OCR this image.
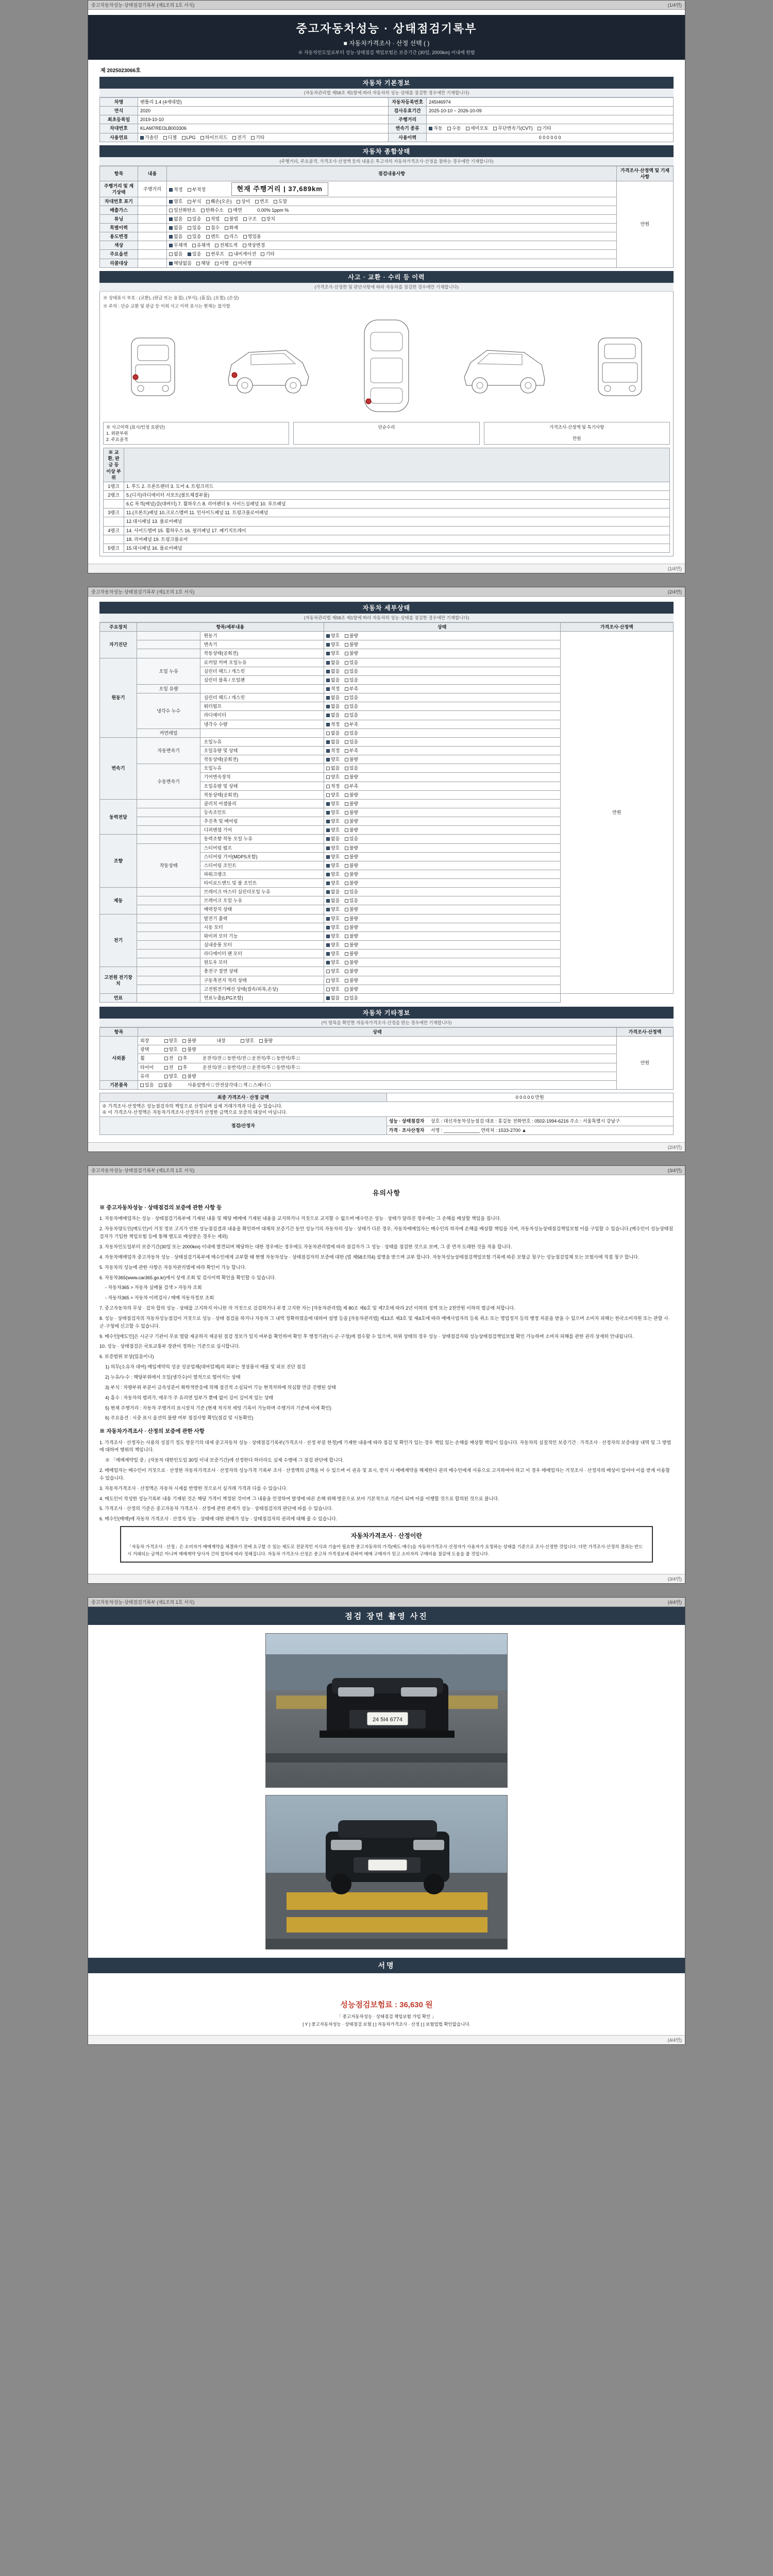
중고자동차성능·상태점검기록부 (제1조의 1호 서식)	(1/4면)
중고자동차성능 · 상태점검기록부
■ 자동차가격조사 · 산정 선택 ( )
※ 자동차인도일로부터 성능·상태점검 책임보험은 보증기간 (30일, 2000km) 이내에 한함
제 2025023066호
자동차 기본정보
(자동차관리법 제58조 제1항에 따라 자동차의 성능·상태를 점검한 경우에만 기재합니다)
차명	벤틀리 1.4 (4세대말)	자동차등록번호	245I46974
연식	2020	검사유효기간	2025-10-10 ~ 2026-10-09
최초등록일	2019-10-10	주행거리	
차대번호	KLAM7REOLB003306	변속기 종류	자동 수동 세미오토 무단변속기(CVT) 기타
사용연료	가솔린 디젤 LPG 하이브리드 전기 기타	사용이력	0 0 0 0 0 0
자동차 종합상태
(주행거리, 주요골격, 가격조사·산정액 등의 내용은 투고자의 자동차가격조사·산정을 참하는 경우에만 기재합니다)
항목	내용	점검내용사항	가격조사·산정액 및 기재사항
주행거리 및 계기상태	주행거리	적정 부적정 현재 주행거리 | 37,689km	만원
차대번호 표기		양호 부식 훼손(오손) 상이 변조 도말	
배출가스		일산화탄소 탄화수소 매연 0.00% 1ppm %	
튜닝		없음 있음 적법 불법 구조 장치	
특별이력		없음 있음 침수 화재	
용도변경		없음 있음 렌트 리스 영업용	
색상		무채색 유채색 전체도색 색상변경	
주요옵션		없음 있음 썬루프 내비게이션 기타	
리콜대상		해당없음 해당 이행 미이행	
사고 · 교환 · 수리 등 이력
(가격조사·산정한 및 판단사항에 따라 자동차를 점검한 경우에만 기재합니다)
※ 상태표시 부호 : (교환), (판금 또는 용접), (부식), (흠집), (요철), (손상)
※ 주의 : 단순 교환 및 판금 등 이외 사고 이력 표시는 현재는 불가함
※ 사고이력 (표시/인정 요판단)
1. 외판부위
2. 주요골격
단순수리	가격조사·산정액 및 특기사항
만원
※ 교환, 판금 등 이상 부위	
1랭크	1. 후드 2. 프론트펜더 3. 도어 4. 트렁크리드
2랭크	5.(디지)라디에이터 서포트(볼트체결부품)
	6.C 목격(배널)강(대버터) 7. 휠하우스 8. 리어펜더 9. 사이드실패널 10. 루프패널
3랭크	11.(프론트)패널 10.크로스멤버 11. 인사이드패널 11. 트렁크플로어패널
	12.대시패널 13. 플로어패널
4랭크	14. 사이드멤버 15. 휠하우스 16. 필러패널 17. 패키지트레이
	18. 리어패널 19. 트렁크플로어
5랭크	15.대시패널 16. 플로어패널
(1/4면)
중고자동차성능·상태점검기록부 (제1조의 1호 서식)	(2/4면)
자동차 세부상태
(자동차관리법 제58조 제1항에 따라 자동차의 성능·상태를 점검한 경우에만 기재합니다)
주요장치	항목/세부내용		상태	가격조사·산정액
자기진단		원동기	양호 불량	만원
		변속기	양호 불량	
		작동상태(공회전)	양호 불량	
원동기	오일 누유	로커암 커버 오일누유	없음 있음	
		실린더 헤드 / 개스킷	없음 있음	
		실린더 블록 / 오일팬	없음 있음	
	오일 유량		적정 부족	
	냉각수 누수	실린더 헤드 / 개스킷	없음 있음	
		워터펌프	없음 있음	
		라디에이터	없음 있음	
		냉각수 수량	적정 부족	
	커먼레일		없음 있음	
변속기	자동변속기	오일누유	없음 있음	
		오일유량 및 상태	적정 부족	
		작동상태(공회전)	양호 불량	
	수동변속기	오일누유	없음 있음	
		기어변속장치	양호 불량	
		오일유량 및 상태	적정 부족	
		작동상태(공회전)	양호 불량	
동력전달		클러치 어셈블리	양호 불량	
		등속조인트	양호 불량	
		추진축 및 베어링	양호 불량	
		디퍼렌셜 기어	양호 불량	
조향		동력조향 작동 오일 누유	없음 있음	
	작동상태	스티어링 펌프	양호 불량	
		스티어링 기어(MDPS포함)	양호 불량	
		스티어링 조인트	양호 불량	
		파워크랭크	양호 불량	
		타이로드엔드 및 볼 조인트	양호 불량	
제동		브레이크 마스터 실린더오일 누유	없음 있음	
		브레이크 오일 누유	없음 있음	
		배력장치 상태	양호 불량	
전기		발전기 출력	양호 불량	
		시동 모터	양호 불량	
		와이퍼 모터 기능	양호 불량	
		실내송풍 모터	양호 불량	
		라디에이터 팬 모터	양호 불량	
		윈도우 모터	양호 불량	
고전원 전기장치		충전구 절연 상태	양호 불량	
		구동축전지 격리 상태	양호 불량	
		고전원전기배선 상태(접속/피복,손상)	양호 불량	
연료		연료누출(LPG포함)	없음 있음	
자동차 기타정보
(이 항목을 확인한 자동차가격조사·산정을 받는 경우에만 기재합니다)
항목	상태	가격조사·산정액
사외품	외장 양호 불량 내장 양호 불량	만원
	광택 양호 불량	
	휠 전 후 운전석/전 □ 동반석/전 □ 운전석/후 □ 동반석/후 □	
	타이어 전 후 운전석/전 □ 동반석/전 □ 운전석/후 □ 동반석/후 □	
	유리 양호 불량	
기본품목	있음 없음 사용설명서 □ 안전삼각대 □ 잭 □ 스패너 □	
최종 가격조사 · 산정 금액	0 0 0 0 0 만원

※ 가격조사·산정액은 성능점검자의 책임으로 산정되며 실제 거래가격과 다를 수 있습니다.
※ 이 가격조사·산정액은 자동차가격조사·산정자가 산정한 금액으로 보증의 대상이 아닙니다.	

점검/산정자	성능 · 상태점검자 상호 : 대신자동차성능점검 대표 : 홍길동 전화번호 : 0502-1994-6216 주소 : 서울특별시 강남구
	가격 · 조사산정자 서명 : ______________ 연락처 : 1533-2700 ▲
(2/4면)
중고자동차성능·상태점검기록부 (제1조의 1호 서식)	(3/4면)
유의사항
※ 중고자동차성능 · 상태점검의 보증에 관한 사항 등

1. 자동차매매업자는 성능 · 상태점검기록부에 기재된 내용 및 해당 매매에 기재된 내용을 교지하거나 거짓으로 교지할 수 없으며 매수인은 성능 · 상태가 달라진 경우에는 그 손해를 배상할 책임을 집니다.

2. 자동차양도인(매도인)이 거짓 정보 고지가 인한 성능점검결과 내용을 확인하여 대체의 보증기간 동안 성능기의 자동차의 성능 · 상태가 다른 경우, 자동차매매업자는 매수인의 하자에 손해를 배상할 책임을 지며, 자동차성능상태점검책임보험 이를 구입할 수 있습니다.(매수인이 성능상태점검자가 기입한 책임보험 등에 통해 별도로 배상받은 경우는 제외)

3. 자동차인도일부터 보증기간(30일 또는 2000km) 이내에 발견되며 해당하는 대한 경우에는 경우에도 자동차관리법에 따라 점검자가 그 성능 · 상태를 점검한 것으로 보며, 그 중 먼저 도래한 것을 적용 합니다.

4. 자동차매매업자 중고자동차 성능 · 상태점검기록부에 매수인에게 교부할 때 현행 자동차성능 · 상태점검자의 보증에 대한 (법 제58조의4) 설명을 받으며 교부 합니다. 자동차성능상태점검책임보험 기록에 따른 보험금 청구는 성능점검업체 또는 보험사에 직접 청구 합니다.

5. 자동차의 성능에 관한 사항은 자동차관리법에 따라 확인이 가능 합니다.

6. 자동차365(www.car365.go.kr)에서 상세 조회 및 검사이력 확인을 확인할 수 있습니다.

- 자동차365 > 자동차 실매물 검색 > 자동차 조회

- 자동차365 > 자동차 이력검사 / 매매 자동차정보 조회

7. 중고자동차의 무상 · 검차 합의 성능 · 상태를 고지하지 아니한 자 거짓으로 검검하거나 부정 고지한 자는 [자동차관리법] 제 80조 제6호 및 제7호에 따라 2년 이하의 징역 또는 2천만원 이하의 벌금에 처합니다.

8. 성능 · 상태점검자의 자동차성능점검이 거짓으로 성능 · 상태 점검을 하거나 자동차 그 내역 정확하였음에 대하여 설명 등을 [자동차관리법] 제13조 제3호 및 제4호에 따라 매매사업자의 등록 취소 또는 영업정지 등의 행정 처분을 받을 수 있으며 소비자 피해는 한국소비자원 또는 관할 시·군·구청에 신고할 수 있습니다.

9. 메수인[매도인]은 시군구 기관이 무료 열람 제공하지 제공된 점검 정보가 일치 여부를 확인하여 확인 후 행정기관(시·군·구청)에 접수할 수 있으며, 허위 상태의 경우 성능 · 상태점검자와 성능상태점검책임보험 확인 가능하며 소비자 피해를 관한 권리 상세히 안내됩니다.

10. 성능 · 상태점검은 국토교통부 장관이 정하는 기준으로 실시합니다.

6. 보증범위 보상(있음이나)

1) 의무(소유자 대여) 매입계약의 성공 성공업체(대여업체)의 외부는 정상품서 매물 및 피보 진단 점검

2) 누유/누수 : 해당부위에서 오일(냉각수)이 열적으로 떨어지는 상태

3) 부식 : 차량부위 부분이 금속성분이 화학적반응에 의해 점진적 소실되어 기능 현격저하에 의심할 만큼 진행된 상태

4) 흠수 : 자동차의 범퍼가, 에우가 주 유리면 일부가 뿐에 없이 깊이 깊어져 있는 상태

5) 현재 주행거리 : 자동차 주행거리 표시장치 기준 (현재 적지적 세팅 기록이 가능하며 주행거리 기준에 이에 확인)

6) 주요옵션 : 시중 표시 옵션의 불량 여부 점검사항 확인(점검 및 시동확인)

※ 자동차가격조사 · 산정의 보증에 관한 사항

1. 가격조사 · 산정자는 사용의 성질기 정도 방문기의 대세 중고자동차 성능 · 상태점검기록부(가격조사 · 산정 부분 한정)에 기재한 내용에 따라 점검 및 확인가 있는 경우 책임 있는 손해를 배상할 책임이 있습니다. 자동차의 실질적인 보증기간 : 가격조사 · 산정자의 보증대상 내역 및 그 방법에 대하여 행위의 책임니다.

※ 「매매계약일 중」(자동차 대한인도일 30일 이내 보증기간)에 선정한다 하더라도 실제 수행에 그 점검 판단에 합니다.

2. 매매업자는 매수인이 거짓으로 · 산정한 자동차가격조사 · 산정자의 성능가격 기록부 조사 · 산정액의 금액을 미 수 있으며 이 권유 및 표시, 받지 시 매매계약을 해제한다 권리 매수인에게 서류으로 고지하여야 하고 이 경우 매매업자는 거짓조사 · 산정자의 배상이 있어야 이를 받게 이용할 수 있습니다.

3. 자동차가격조사 · 산정액은 자동차 시세를 반영한 것으로서 실거래 가격과 다를 수 있습니다.

4. 매도인이 작성한 성능기록부 내용 기재된 것은 해당 가격이 책정된 것이며 그 내용을 인정하여 발생에 따른 손해 위해 방문으로 보아 기본적으로 기준이 되며 이를 이행할 것으로 합의된 것으로 봅니다.

5. 가격조사 · 산정의 기준은 중고자동차 가격조사 · 산정에 관한 관계가 성능 · 상태점검자의 판단에 따를 수 있습니다.

6. 매수인(매매)에 자동차 가격조사 · 산정자 성능 · 상태에 대한 판매가 성능 · 상태점검자의 권리에 대해 줄 수 있습니다.

자동차가격조사 · 산정이란
「자동차 가격조사 · 산정」은 소비자가 매매계약을 체결하기 전에 요구할 수 있는 제도로 전문적인 지식과 기술이 필요한 중고자동차의 가격(매도·매수)을 자동차가격조사·산정자가 사용자가 요청하는 상태를 기준으로 조사·산정한 것입니다. 다만 가격조사·산정의 결과는 반드시 거래되는 금액은 아니며 매매계약 당사자 간의 합의에 따라 정해집니다. 자동차 가격조사·산정은 중고차 가격정보에 관하여 매매 구매자가 믿고 소비자의 구매비용 절감에 도움을 줄 것입니다.
(3/4면)
중고자동차성능·상태점검기록부 (제1조의 1호 서식)	(4/4면)
점검 장면 촬영 사진
24 5I4 6774
서명
성능점검보험료 : 36,630 원
「 중고자동차성능 · 상태점검 책임보험 가입 확인 」
[ Y ] 중고자동차성능 · 상태점검 보험 [ ] 자동차가격조사 · 산정 [ ] 보험업법 확인없습니다.
(4/4면)
